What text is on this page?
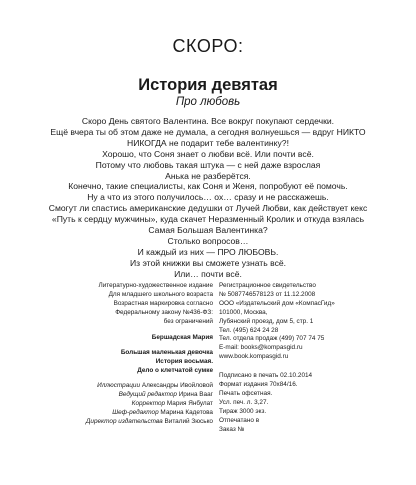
СКОРО:
История девятая
Про любовь
Скоро День святого Валентина. Все вокруг покупают сердечки.
Ещё вчера ты об этом даже не думала, а сегодня волнуешься — вдруг НИКТО
НИКОГДА не подарит тебе валентинку?!
Хорошо, что Соня знает о любви всё. Или почти всё.
Потому что любовь такая штука — с ней даже взрослая
Анька не разберётся.
Конечно, такие специалисты, как Соня и Женя, попробуют её помочь.
Ну а что из этого получилось… ох… сразу и не расскажешь.
Смогут ли спастись американские дедушки от Лучей Любви, как действует кекс
«Путь к сердцу мужчины», куда скачет Неразменный Кролик и откуда взялась
Самая Большая Валентинка?
Столько вопросов…
И каждый из них — ПРО ЛЮБОВЬ.
Из этой книжки вы сможете узнать всё.
Или… почти всё.
Литературно-художественное издание
Для младшего школьного возраста
Возрастная маркировка согласно
Федеральному закону №436-ФЗ:
без ограничений
Бершадская Мария
Большая маленькая девочка
История восьмая.
Дело о клетчатой сумке
Иллюстрации Александры Ивойловой
Ведущий редактор Ирина Вааг
Корректор Мария Янбулат
Шеф-редактор Марина Кадетова
Директор издательства Виталий Зюсько
Регистрационное свидетельство
№ 5087746578123 от 11.12.2008
ООО «Издательский дом «КомпасГид»
101000, Москва,
Лубянский проезд, дом 5, стр. 1
Тел. (495) 624 24 28
Тел. отдела продаж (499) 707 74 75
E-mail: books@kompasgid.ru
www.book.kompasgid.ru
Подписано в печать 02.10.2014
Формат издания 70х84/16.
Печать офсетная.
Усл. печ. л. 3,27.
Тираж 3000 экз.
Отпечатано в
Заказ №
